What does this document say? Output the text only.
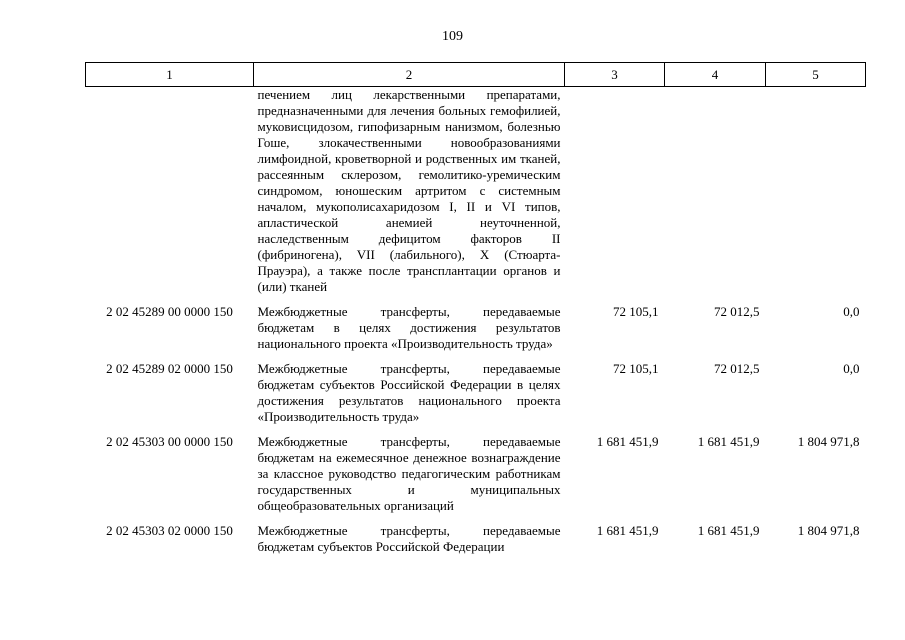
109
1	2	3	4	5
	печением лиц лекарственными препаратами, предназначенными для лечения больных гемофилией, муковисцидозом, гипофизарным нанизмом, болезнью Гоше, злокачественными новообразованиями лимфоидной, кроветворной и родственных им тканей, рассеянным склерозом, гемолитико-уремическим синдромом, юношеским артритом с системным началом, мукополисахаридозом I, II и VI типов, апластической анемией неуточненной, наследственным дефицитом факторов II (фибриногена), VII (лабильного), X (Стюарта-Прауэра), а также после трансплантации органов и (или) тканей			
2 02 45289 00 0000 150	Межбюджетные трансферты, передаваемые бюджетам в целях достижения результатов национального проекта «Производительность труда»	72 105,1	72 012,5	0,0
2 02 45289 02 0000 150	Межбюджетные трансферты, передаваемые бюджетам субъектов Российской Федерации в целях достижения результатов национального проекта «Производительность труда»	72 105,1	72 012,5	0,0
2 02 45303 00 0000 150	Межбюджетные трансферты, передаваемые бюджетам на ежемесячное денежное вознаграждение за классное руководство педагогическим работникам государственных и муниципальных общеобразовательных организаций	1 681 451,9	1 681 451,9	1 804 971,8
2 02 45303 02 0000 150	Межбюджетные трансферты, передаваемые бюджетам субъектов Российской Федерации	1 681 451,9	1 681 451,9	1 804 971,8
